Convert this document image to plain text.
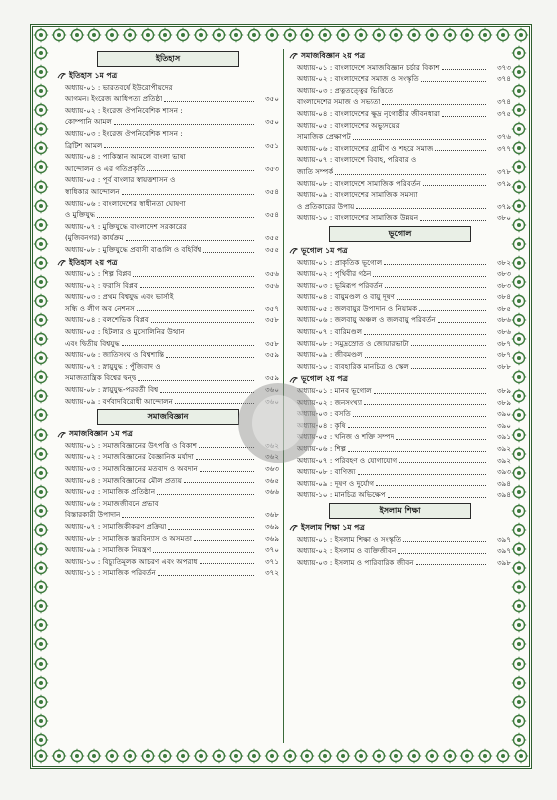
ইতিহাস
ইতিহাস ১ম পত্র
অধ্যায়-০১ : ভারতবর্ষে ইউরোপীয়দের
আগমন। ইংরেজ আধিপত্য প্রতিষ্ঠা	৩৫০
অধ্যায়-০২ : ইংরেজ ঔপনিবেশিক শাসন :
কোম্পানি আমল	৩৫০
অধ্যায়-০৩ : ইংরেজ ঔপনিবেশিক শাসন :
ব্রিটিশ আমল	৩৫১
অধ্যায়-০৪ : পাকিস্তান আমলে বাংলা ভাষা
আন্দোলন ও এর গতিপ্রকৃতি	৩৫৩
অধ্যায়-০৫ : পূর্ব বাংলার স্বায়ত্তশাসন ও
স্বাধিকার আন্দোলন	৩৫৪
অধ্যায়-০৬ : বাংলাদেশের স্বাধীনতা ঘোষণা
ও মুক্তিযুদ্ধ	৩৫৪
অধ্যায়-০৭ : মুক্তিযুদ্ধে বাংলাদেশ সরকারের
(মুজিবনগর) কার্যক্রম	৩৫৫
অধ্যায়-০৮ : মুক্তিযুদ্ধে প্রবাসী বাঙালি ও বহির্বিশ্ব	৩৫৫
ইতিহাস ২য় পত্র
অধ্যায়-০১ : শিল্প বিপ্লব	৩৫৬
অধ্যায়-০২ : ফরাসি বিপ্লব	৩৫৬
অধ্যায়-০৩ : প্রথম বিশ্বযুদ্ধ এবং ভার্সাই
সন্ধি ও লীগ অব নেশনস	৩৫৭
অধ্যায়-০৪ : বলশেভিক বিপ্লব	৩৫৮
অধ্যায়-০৫ : হিটলার ও মুসোলিনির উত্থান
এবং দ্বিতীয় বিশ্বযুদ্ধ	৩৫৮
অধ্যায়-০৬ : জাতিসংঘ ও বিশ্বশান্তি	৩৫৯
অধ্যায়-০৭ : স্নায়ুযুদ্ধ : পুঁজিবাদ ও
সমাজতান্ত্রিক বিশ্বের দ্বন্দ্ব	৩৫৯
অধ্যায়-০৮ : স্নায়ুযুদ্ধ-পরবর্তী বিশ্ব	৩৬০
অধ্যায়-০৯ : বর্ণবাদবিরোধী আন্দোলন	৩৬০
সমাজবিজ্ঞান
সমাজবিজ্ঞান ১ম পত্র
অধ্যায়-০১ : সমাজবিজ্ঞানের উৎপত্তি ও বিকাশ	৩৬২
অধ্যায়-০২ : সমাজবিজ্ঞানের বৈজ্ঞানিক মর্যাদা	৩৬২
অধ্যায়-০৩ : সমাজবিজ্ঞানের মতবাদ ও অবদান	৩৬৩
অধ্যায়-০৪ : সমাজবিজ্ঞানের মৌল প্রত্যয়	৩৬৫
অধ্যায়-০৫ : সামাজিক প্রতিষ্ঠান	৩৬৬
অধ্যায়-০৬ : সমাজজীবনে প্রভাব
বিস্তারকারী উপাদান	৩৬৮
অধ্যায়-০৭ : সামাজিকীকরণ প্রক্রিয়া	৩৬৯
অধ্যায়-০৮ : সামাজিক স্তরবিন্যাস ও অসমতা	৩৬৯
অধ্যায়-০৯ : সামাজিক নিয়ন্ত্রণ	৩৭০
অধ্যায়-১০ : বিচ্যুতিমূলক আচরণ এবং অপরাধ	৩৭১
অধ্যায়-১১ : সামাজিক পরিবর্তন	৩৭২
সমাজবিজ্ঞান ২য় পত্র
অধ্যায়-০১ : বাংলাদেশে সমাজবিজ্ঞান চর্চার বিকাশ	৩৭৩
অধ্যায়-০২ : বাংলাদেশের সমাজ ও সংস্কৃতি	৩৭৪
অধ্যায়-০৩ : প্রত্নতত্ত্বের ভিত্তিতে
বাংলাদেশের সমাজ ও সভ্যতা	৩৭৪
অধ্যায়-০৪ : বাংলাদেশের ক্ষুদ্র নৃগোষ্ঠীর জীবনধারা	৩৭৫
অধ্যায়-০৫ : বাংলাদেশের অভ্যুদয়ের
সামাজিক প্রেক্ষাপট	৩৭৬
অধ্যায়-০৬ : বাংলাদেশের গ্রামীণ ও শহরে সমাজ	৩৭৭
অধ্যায়-০৭ : বাংলাদেশে বিবাহ, পরিবার ও
জাতি সম্পর্ক	৩৭৮
অধ্যায়-০৮ : বাংলাদেশে সামাজিক পরিবর্তন	৩৭৯
অধ্যায়-০৯ : বাংলাদেশের সামাজিক সমস্যা
ও প্রতিকারের উপায়	৩৭৯
অধ্যায়-১০ : বাংলাদেশের সামাজিক উন্নয়ন	৩৮০
ভূগোল
ভূগোল ১ম পত্র
অধ্যায়-০১ : প্রাকৃতিক ভূগোল	৩৮২
অধ্যায়-০২ : পৃথিবীর গঠন	৩৮৩
অধ্যায়-০৩ : ভূমিরূপ পরিবর্তন	৩৮৩
অধ্যায়-০৪ : বায়ুমণ্ডল ও বায়ু দূষণ	৩৮৪
অধ্যায়-০৫ : জলবায়ুর উপাদান ও নিয়ামক	৩৮৫
অধ্যায়-০৬ : জলবায়ু অঞ্চল ও জলবায়ু পরিবর্তন	৩৮৬
অধ্যায়-০৭ : বারিমণ্ডল	৩৮৬
অধ্যায়-০৮ : সমুদ্রস্রোত ও জোয়ারভাটা	৩৮৭
অধ্যায়-০৯ : জীবমণ্ডল	৩৮৭
অধ্যায়-১০ : ব্যবহারিক মানচিত্র ও স্কেল	৩৮৮
ভূগোল ২য় পত্র
অধ্যায়-০১ : মানব ভূগোল	৩৮৯
অধ্যায়-০২ : জনসংখ্যা	৩৮৯
অধ্যায়-০৩ : বসতি	৩৯০
অধ্যায়-০৪ : কৃষি	৩৯০
অধ্যায়-০৫ : খনিজ ও শক্তি সম্পদ	৩৯১
অধ্যায়-০৬ : শিল্প	৩৯২
অধ্যায়-০৭ : পরিবহণ ও যোগাযোগ	৩৯২
অধ্যায়-০৮ : বাণিজ্য	৩৯৩
অধ্যায়-০৯ : দূষণ ও দুর্যোগ	৩৯৪
অধ্যায়-১০ : মানচিত্র অভিক্ষেপ	৩৯৪
ইসলাম শিক্ষা
ইসলাম শিক্ষা ১ম পত্র
অধ্যায়-০১ : ইসলাম শিক্ষা ও সংস্কৃতি	৩৯৭
অধ্যায়-০২ : ইসলাম ও ব্যক্তিজীবন	৩৯৭
অধ্যায়-০৩ : ইসলাম ও পারিবারিক জীবন	৩৯৮
